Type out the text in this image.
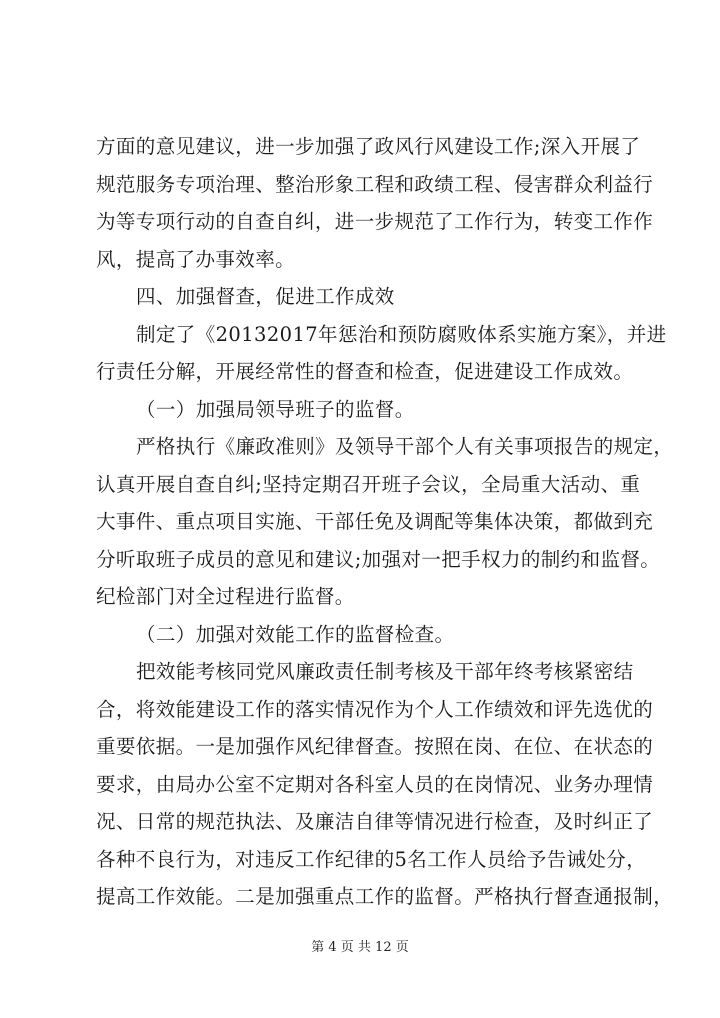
方面的意见建议，进一步加强了政风行风建设工作;深入开展了
规范服务专项治理、整治形象工程和政绩工程、侵害群众利益行
为等专项行动的自查自纠，进一步规范了工作行为，转变工作作
风，提高了办事效率。
四、加强督查，促进工作成效
制定了《20132017年惩治和预防腐败体系实施方案》，并进
行责任分解，开展经常性的督查和检查，促进建设工作成效。
（一）加强局领导班子的监督。
严格执行《廉政准则》及领导干部个人有关事项报告的规定，
认真开展自查自纠;坚持定期召开班子会议，全局重大活动、重
大事件、重点项目实施、干部任免及调配等集体决策，都做到充
分听取班子成员的意见和建议;加强对一把手权力的制约和监督。
纪检部门对全过程进行监督。
（二）加强对效能工作的监督检查。
把效能考核同党风廉政责任制考核及干部年终考核紧密结
合，将效能建设工作的落实情况作为个人工作绩效和评先选优的
重要依据。一是加强作风纪律督查。按照在岗、在位、在状态的
要求，由局办公室不定期对各科室人员的在岗情况、业务办理情
况、日常的规范执法、及廉洁自律等情况进行检查，及时纠正了
各种不良行为，对违反工作纪律的5名工作人员给予告诫处分，
提高工作效能。二是加强重点工作的监督。严格执行督查通报制，
第 4 页 共 12 页
